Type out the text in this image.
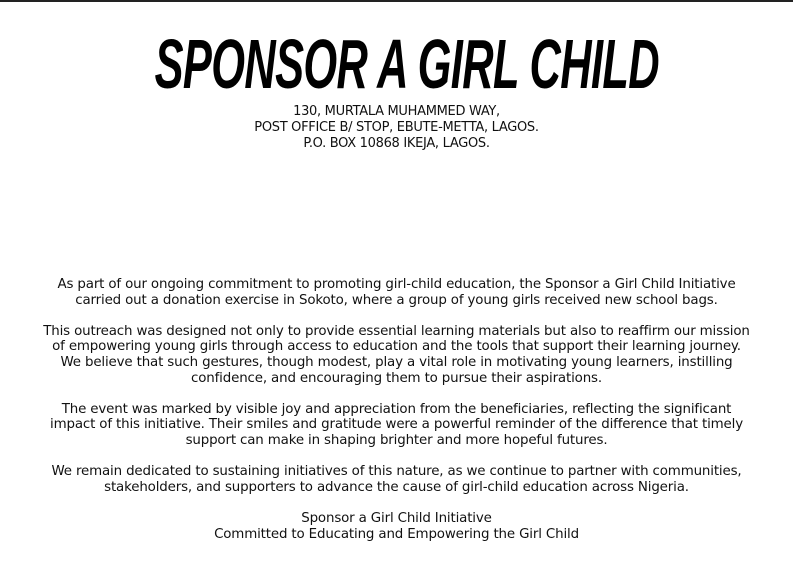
SPONSOR A GIRL CHILD
130, MURTALA MUHAMMED WAY,
POST OFFICE B/ STOP, EBUTE-METTA, LAGOS.
P.O. BOX 10868 IKEJA, LAGOS.

As part of our ongoing commitment to promoting girl-child education, the Sponsor a Girl Child Initiative carried out a donation exercise in Sokoto, where a group of young girls received new school bags.

This outreach was designed not only to provide essential learning materials but also to reaffirm our mission of empowering young girls through access to education and the tools that support their learning journey. We believe that such gestures, though modest, play a vital role in motivating young learners, instilling confidence, and encouraging them to pursue their aspirations.

The event was marked by visible joy and appreciation from the beneficiaries, reflecting the significant impact of this initiative. Their smiles and gratitude were a powerful reminder of the difference that timely support can make in shaping brighter and more hopeful futures.

We remain dedicated to sustaining initiatives of this nature, as we continue to partner with communities, stakeholders, and supporters to advance the cause of girl-child education across Nigeria.

Sponsor a Girl Child Initiative
Committed to Educating and Empowering the Girl Child
